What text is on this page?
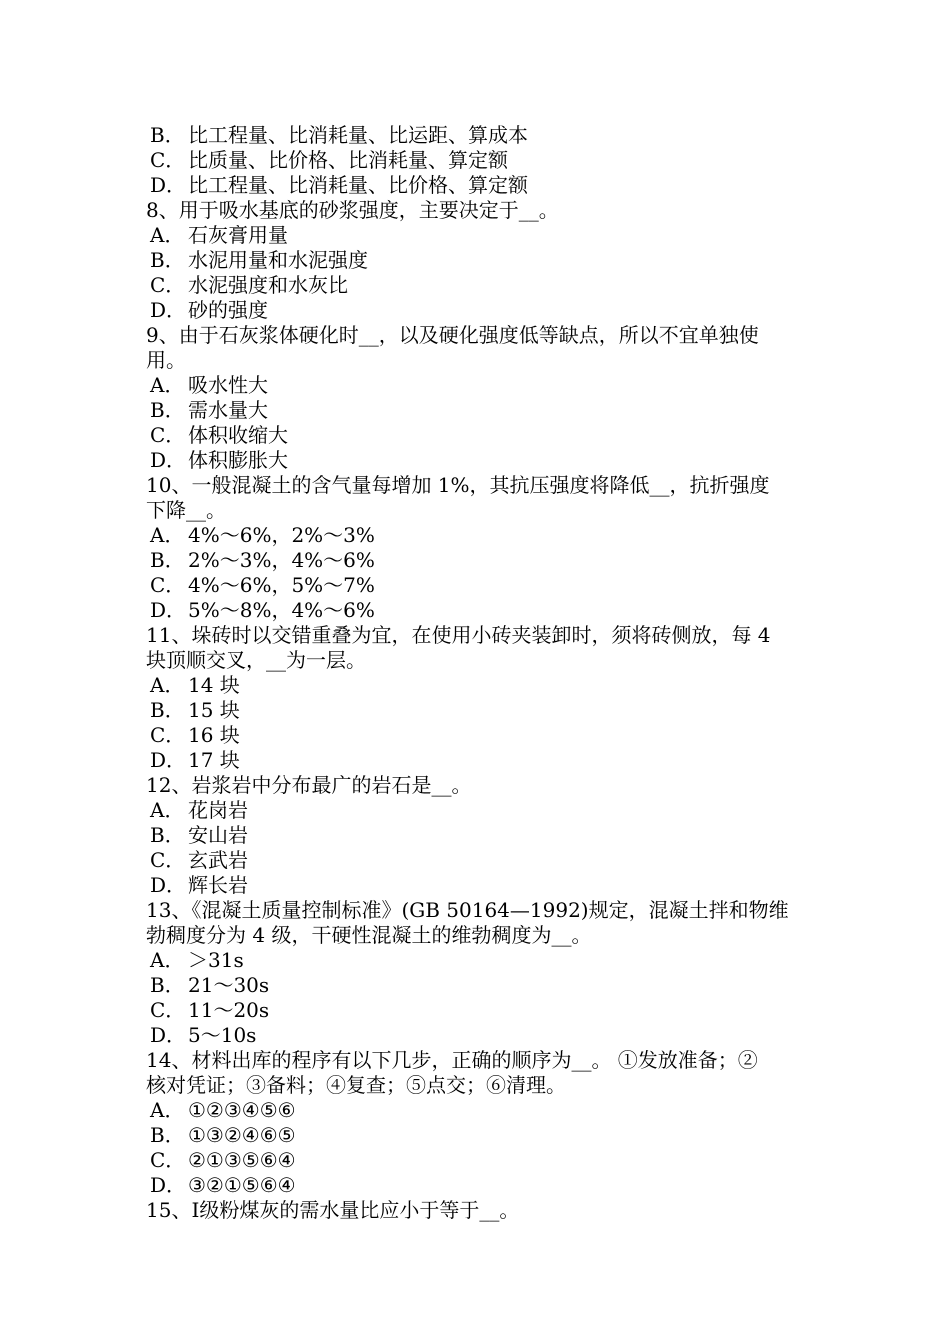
B． 比工程量、比消耗量、比运距、算成本
C． 比质量、比价格、比消耗量、算定额
D．比工程量、比消耗量、比价格、算定额
8、用于吸水基底的砂浆强度，主要决定于__。
A． 石灰膏用量
B． 水泥用量和水泥强度
C． 水泥强度和水灰比
D．砂的强度
9、由于石灰浆体硬化时__，以及硬化强度低等缺点，所以不宜单独使
用。
A． 吸水性大
B． 需水量大
C． 体积收缩大
D．体积膨胀大
10、一般混凝土的含气量每增加 1%，其抗压强度将降低__，抗折强度
下降__。
A． 4%～6%，2%～3%
B． 2%～3%，4%～6%
C． 4%～6%，5%～7%
D．5%～8%，4%～6%
11、垛砖时以交错重叠为宜，在使用小砖夹装卸时，须将砖侧放，每 4
块顶顺交叉，__为一层。
A． 14 块
B． 15 块
C． 16 块
D．17 块
12、岩浆岩中分布最广的岩石是__。
A． 花岗岩
B． 安山岩
C． 玄武岩
D．辉长岩
13、《混凝土质量控制标准》(GB 50164—1992)规定，混凝土拌和物维
勃稠度分为 4 级，干硬性混凝土的维勃稠度为__。
A． ＞31s
B． 21～30s
C． 11～20s
D．5～10s
14、材料出库的程序有以下几步，正确的顺序为__。 ①发放准备；②
核对凭证；③备料；④复查；⑤点交；⑥清理。
A． ①②③④⑤⑥
B． ①③②④⑥⑤
C． ②①③⑤⑥④
D．③②①⑤⑥④
15、Ⅰ级粉煤灰的需水量比应小于等于__。
